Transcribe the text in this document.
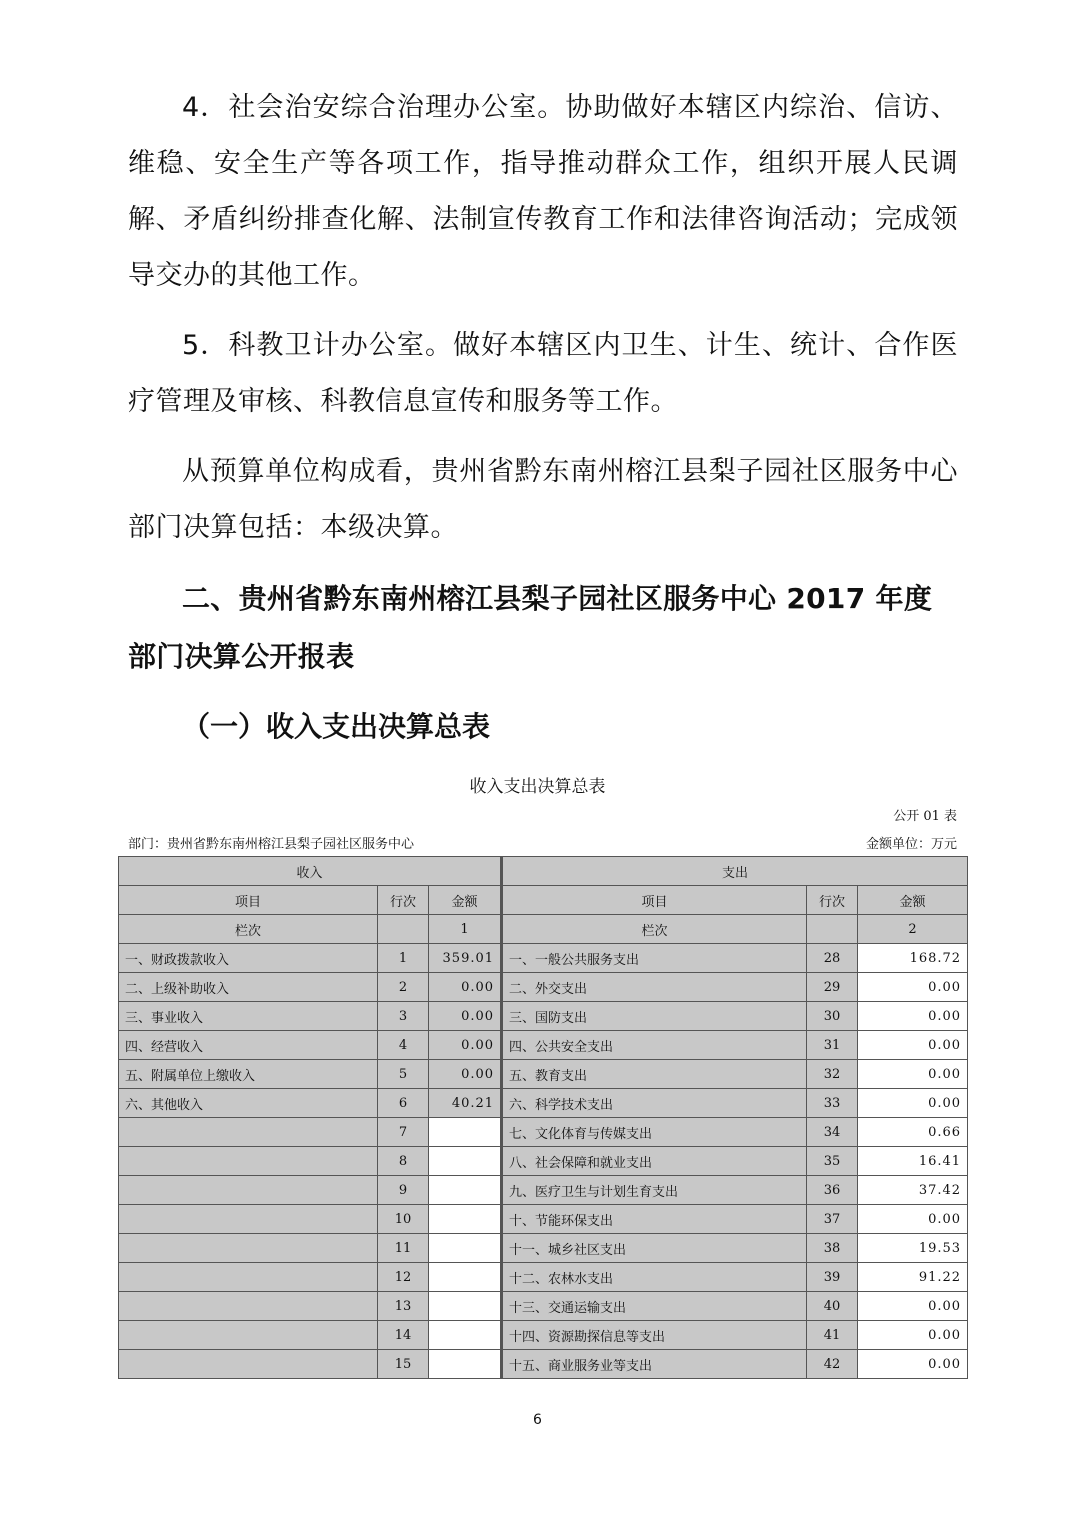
4．社会治安综合治理办公室。协助做好本辖区内综治、信访、维稳、安全生产等各项工作，指导推动群众工作，组织开展人民调解、矛盾纠纷排查化解、法制宣传教育工作和法律咨询活动；完成领导交办的其他工作。

5．科教卫计办公室。做好本辖区内卫生、计生、统计、合作医疗管理及审核、科教信息宣传和服务等工作。

从预算单位构成看，贵州省黔东南州榕江县梨子园社区服务中心部门决算包括：本级决算。

二、贵州省黔东南州榕江县梨子园社区服务中心 2017 年度部门决算公开报表
（一）收入支出决算总表
收入支出决算总表
公开 01 表
部门：贵州省黔东南州榕江县梨子园社区服务中心	金额单位：万元
收入			支出		
项目	行次	金额	项目	行次	金额
栏次		1	栏次		2
一、财政拨款收入	1	359.01	一、一般公共服务支出	28	168.72
二、上级补助收入	2	0.00	二、外交支出	29	0.00
三、事业收入	3	0.00	三、国防支出	30	0.00
四、经营收入	4	0.00	四、公共安全支出	31	0.00
五、附属单位上缴收入	5	0.00	五、教育支出	32	0.00
六、其他收入	6	40.21	六、科学技术支出	33	0.00
	7		七、文化体育与传媒支出	34	0.66
	8		八、社会保障和就业支出	35	16.41
	9		九、医疗卫生与计划生育支出	36	37.42
	10		十、节能环保支出	37	0.00
	11		十一、城乡社区支出	38	19.53
	12		十二、农林水支出	39	91.22
	13		十三、交通运输支出	40	0.00
	14		十四、资源勘探信息等支出	41	0.00
	15		十五、商业服务业等支出	42	0.00
6
